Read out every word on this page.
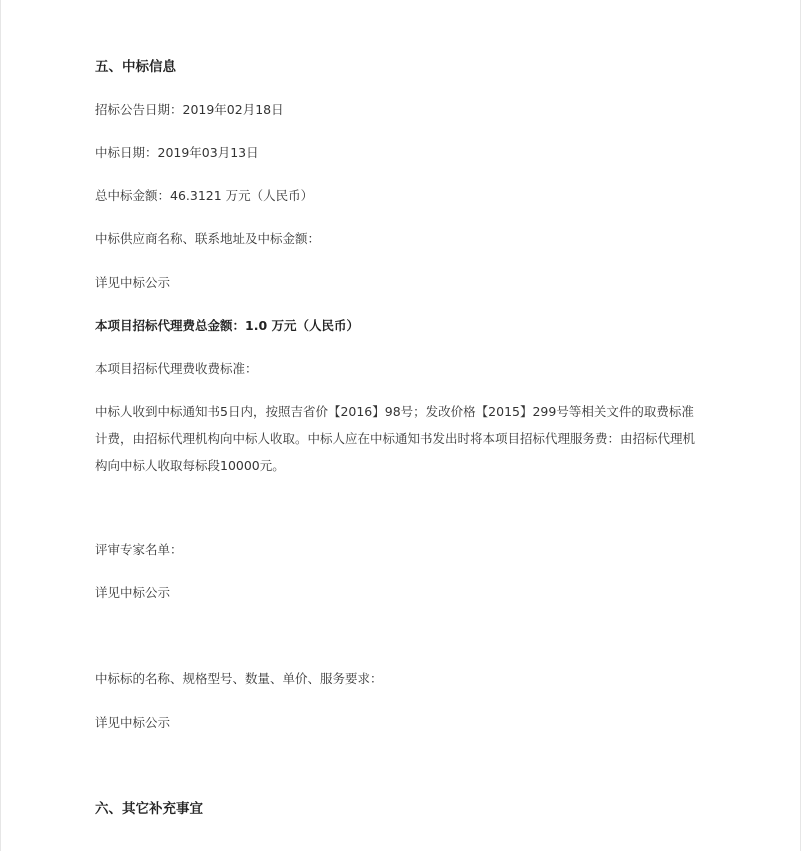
五、中标信息
招标公告日期：2019年02月18日
中标日期：2019年03月13日
总中标金额：46.3121 万元（人民币）
中标供应商名称、联系地址及中标金额：
详见中标公示
本项目招标代理费总金额：1.0 万元（人民币）
本项目招标代理费收费标准：
中标人收到中标通知书5日内，按照吉省价【2016】98号；发改价格【2015】299号等相关文件的取费标准计费，由招标代理机构向中标人收取。中标人应在中标通知书发出时将本项目招标代理服务费：由招标代理机构向中标人收取每标段10000元。
评审专家名单：
详见中标公示
中标标的名称、规格型号、数量、单价、服务要求：
详见中标公示
六、其它补充事宜
